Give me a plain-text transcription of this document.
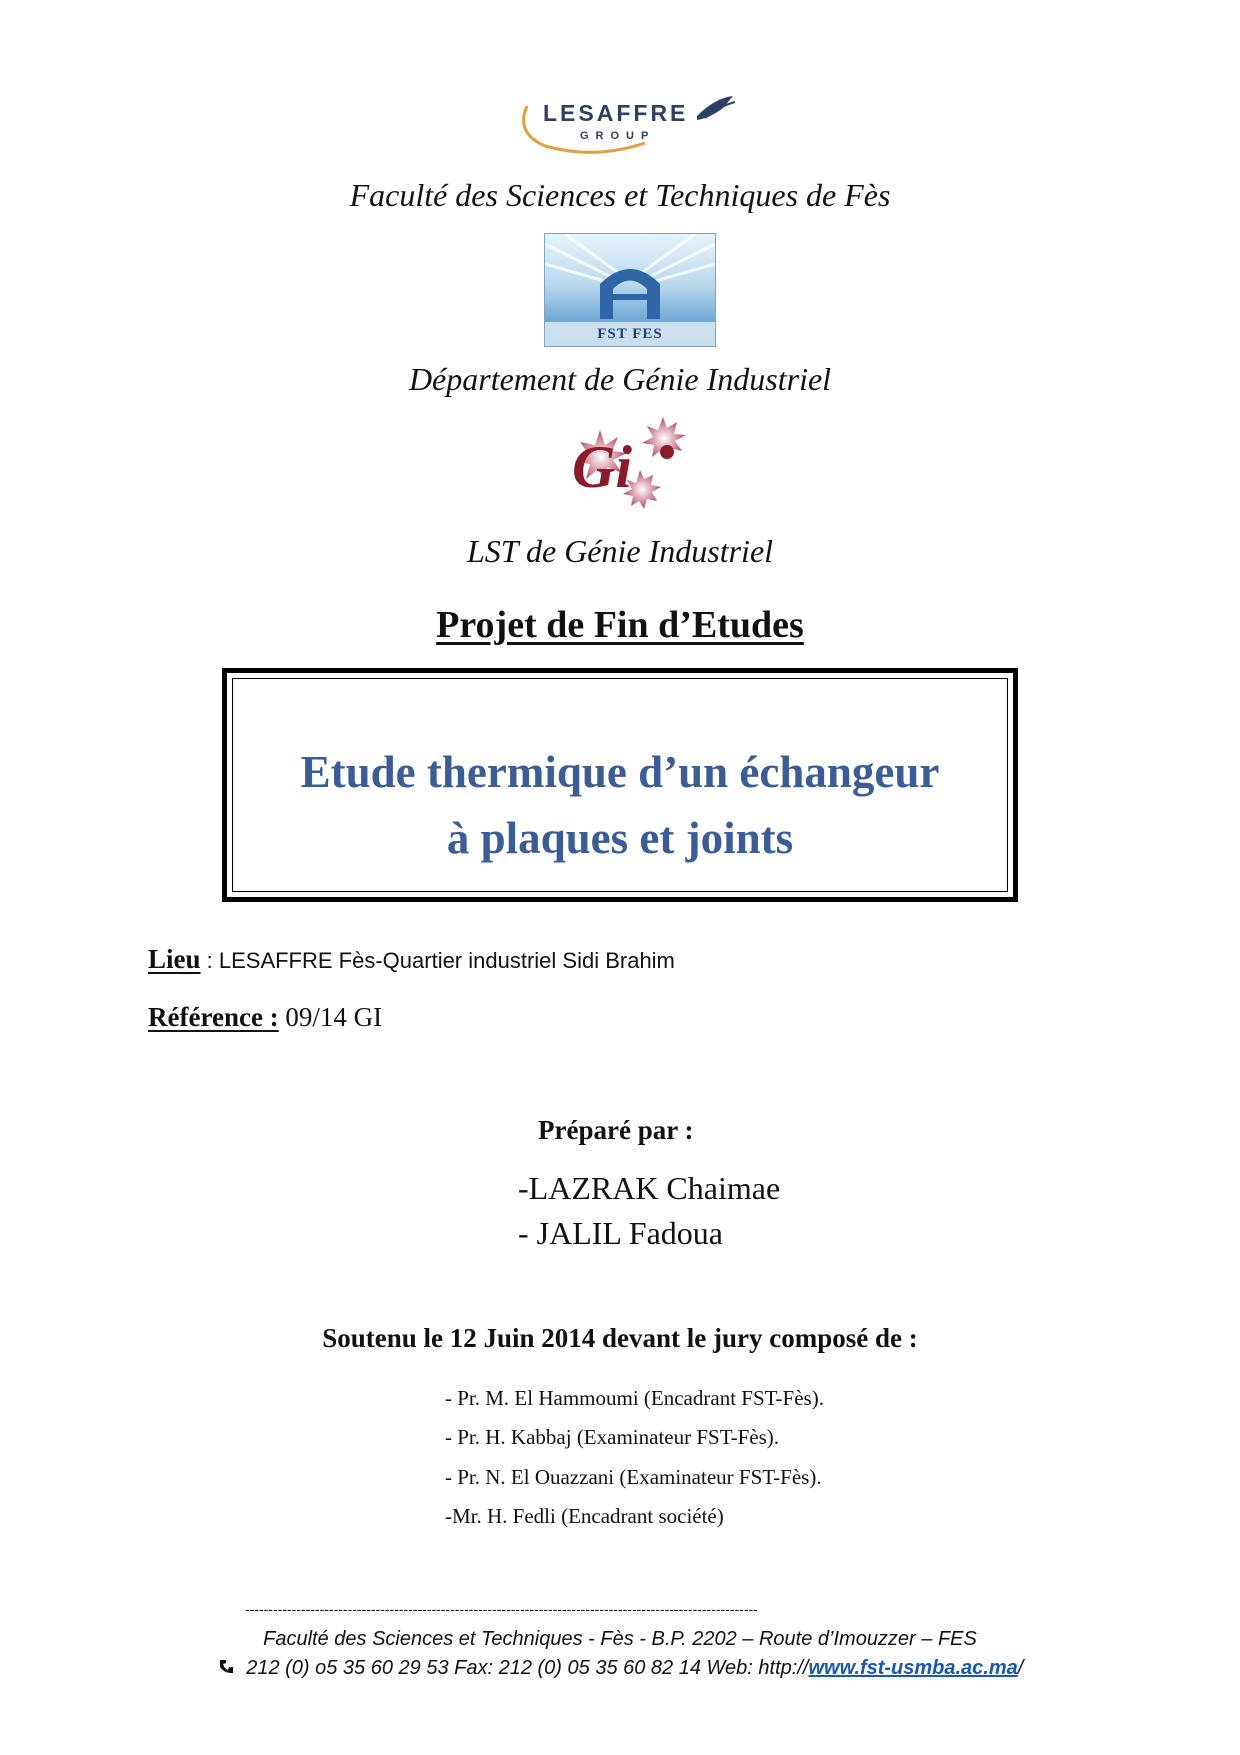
LESAFFRE
GROUP
Faculté des Sciences et Techniques de Fès
FST FES
Département de Génie Industriel
Gi
LST de Génie Industriel
Projet de Fin d’Etudes
Etude thermique d’un échangeur
à plaques et joints
Lieu : LESAFFRE Fès-Quartier industriel Sidi Brahim
Référence : 09/14 GI
Préparé par :
-LAZRAK Chaimae
- JALIL Fadoua
Soutenu le 12 Juin 2014 devant le jury composé de :
- Pr. M. El Hammoumi (Encadrant FST-Fès).
- Pr. H. Kabbaj (Examinateur FST-Fès).
- Pr. N. El Ouazzani (Examinateur FST-Fès).
-Mr. H. Fedli (Encadrant société)
--------------------------------------------------------------------------------------------------------------
Faculté des Sciences et Techniques - Fès - B.P. 2202 – Route d’Imouzzer – FES
212 (0) o5 35 60 29 53 Fax: 212 (0) 05 35 60 82 14 Web: http://www.fst-usmba.ac.ma/
